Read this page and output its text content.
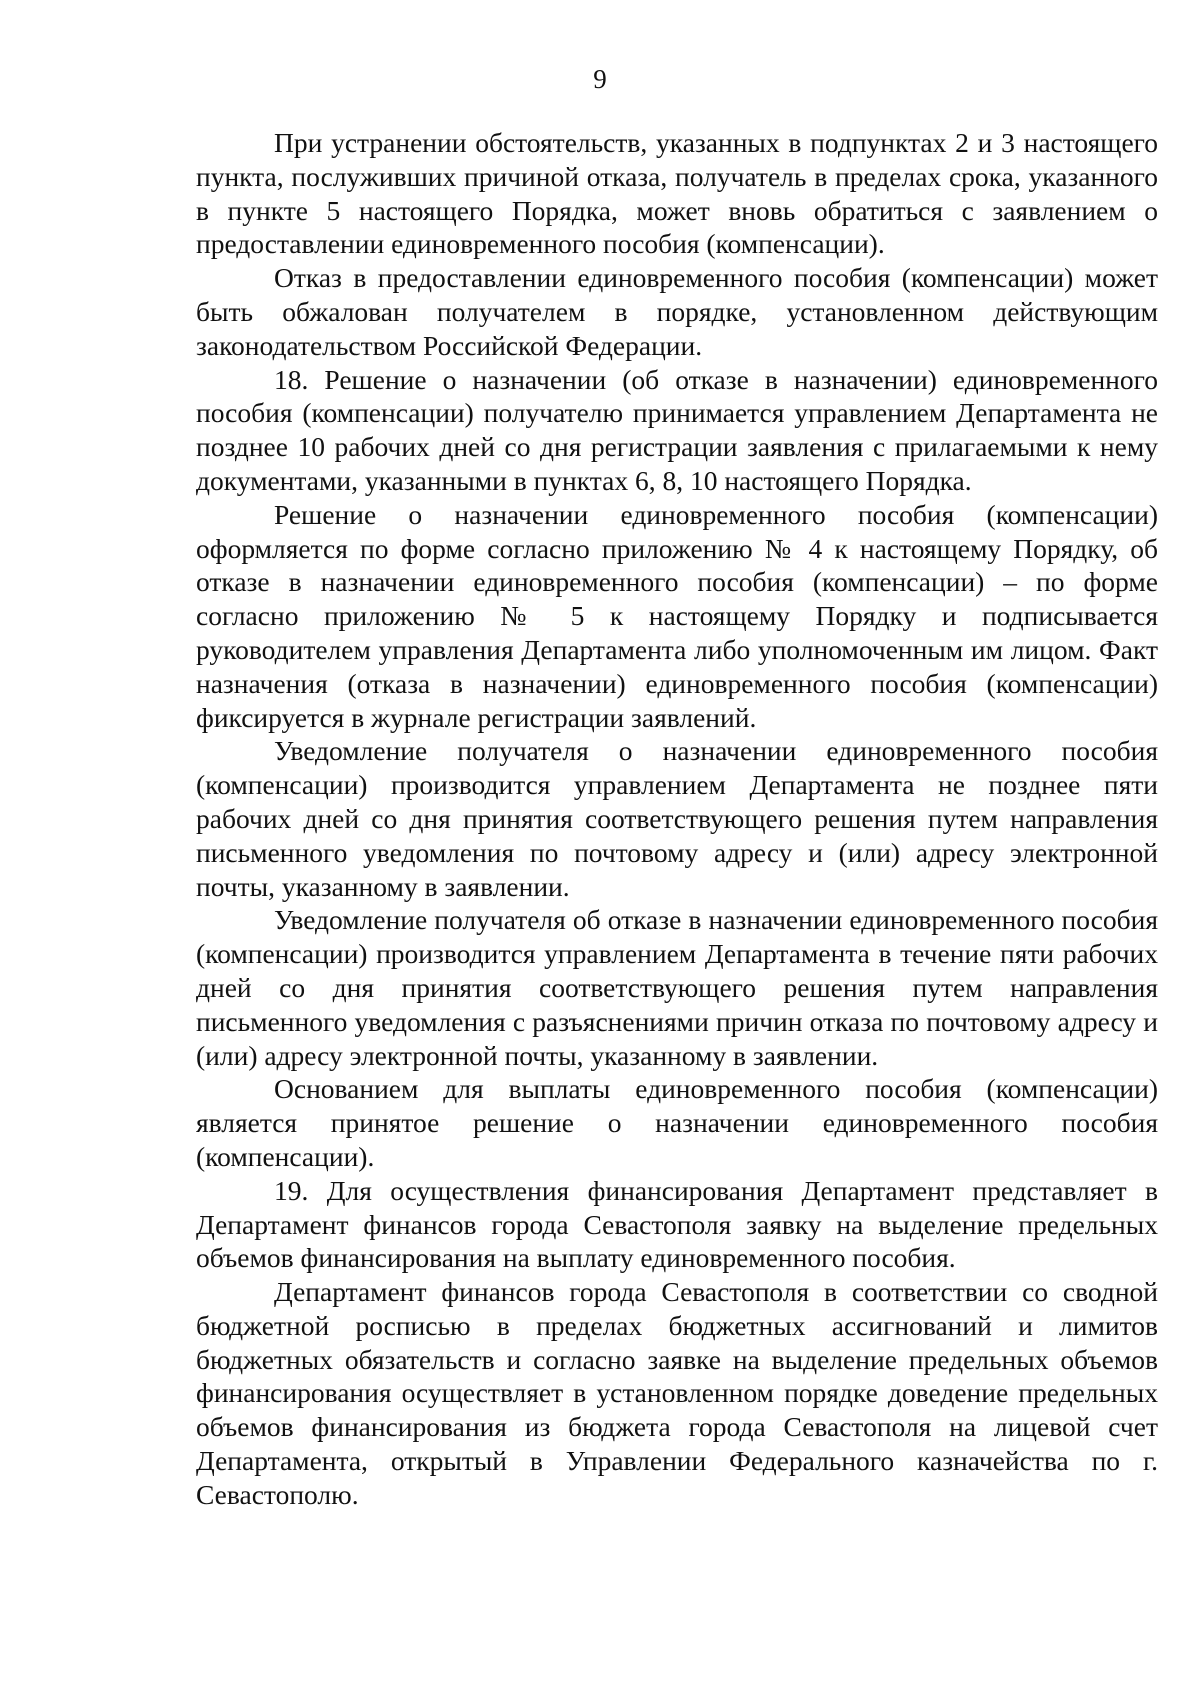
9

При устранении обстоятельств, указанных в подпунктах 2 и 3 настоящего пункта, послуживших причиной отказа, получатель в пределах срока, указанного в пункте 5 настоящего Порядка, может вновь обратиться с заявлением о предоставлении единовременного пособия (компенсации).

Отказ в предоставлении единовременного пособия (компенсации) может быть обжалован получателем в порядке, установленном действующим законодательством Российской Федерации.

18. Решение о назначении (об отказе в назначении) единовременного пособия (компенсации) получателю принимается управлением Департамента не позднее 10 рабочих дней со дня регистрации заявления с прилагаемыми к нему документами, указанными в пунктах 6, 8, 10 настоящего Порядка.

Решение о назначении единовременного пособия (компенсации) оформляется по форме согласно приложению № 4 к настоящему Порядку, об отказе в назначении единовременного пособия (компенсации) – по форме согласно приложению № 5 к настоящему Порядку и подписывается руководителем управления Департамента либо уполномоченным им лицом. Факт назначения (отказа в назначении) единовременного пособия (компенсации) фиксируется в журнале регистрации заявлений.

Уведомление получателя о назначении единовременного пособия (компенсации) производится управлением Департамента не позднее пяти рабочих дней со дня принятия соответствующего решения путем направления письменного уведомления по почтовому адресу и (или) адресу электронной почты, указанному в заявлении.

Уведомление получателя об отказе в назначении единовременного пособия (компенсации) производится управлением Департамента в течение пяти рабочих дней со дня принятия соответствующего решения путем направления письменного уведомления с разъяснениями причин отказа по почтовому адресу и (или) адресу электронной почты, указанному в заявлении.

Основанием для выплаты единовременного пособия (компенсации) является принятое решение о назначении единовременного пособия (компенсации).

19. Для осуществления финансирования Департамент представляет в Департамент финансов города Севастополя заявку на выделение предельных объемов финансирования на выплату единовременного пособия.

Департамент финансов города Севастополя в соответствии со сводной бюджетной росписью в пределах бюджетных ассигнований и лимитов бюджетных обязательств и согласно заявке на выделение предельных объемов финансирования осуществляет в установленном порядке доведение предельных объемов финансирования из бюджета города Севастополя на лицевой счет Департамента, открытый в Управлении Федерального казначейства по г. Севастополю.
